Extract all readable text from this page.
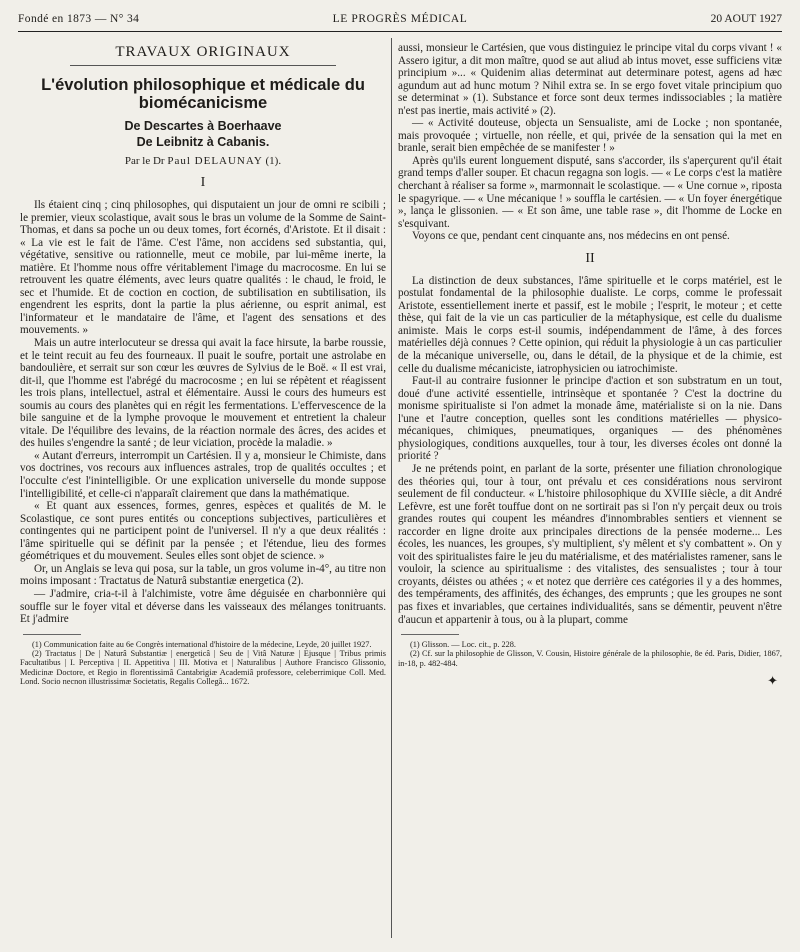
Fondé en 1873 — N° 34	LE PROGRÈS MÉDICAL	20 AOUT 1927
TRAVAUX ORIGINAUX
L'évolution philosophique et médicale du biomécanicisme
De Descartes à Boerhaave
De Leibnitz à Cabanis.
Par le Dr Paul DELAUNAY (1).
I

Ils étaient cinq ; cinq philosophes, qui disputaient un jour de omni re scibili ; le premier, vieux scolastique, avait sous le bras un volume de la Somme de Saint-Thomas, et dans sa poche un ou deux tomes, fort écornés, d'Aristote. Et il disait : « La vie est le fait de l'âme. C'est l'âme, non accidens sed substantia, qui, végétative, sensitive ou rationnelle, meut ce mobile, par lui-même inerte, la matière. Et l'homme nous offre véritablement l'image du macrocosme. En lui se retrouvent les quatre éléments, avec leurs quatre qualités : le chaud, le froid, le sec et l'humide. Et de coction en coction, de subtilisation en subtilisation, ils engendrent les esprits, dont la partie la plus aérienne, ou esprit animal, est l'informateur et le mandataire de l'âme, et l'agent des sensations et des mouvements. »

Mais un autre interlocuteur se dressa qui avait la face hirsute, la barbe roussie, et le teint recuit au feu des fourneaux. Il puait le soufre, portait une astrolabe en bandoulière, et serrait sur son cœur les œuvres de Sylvius de le Boë. « Il est vrai, dit-il, que l'homme est l'abrégé du macrocosme ; en lui se répètent et réagissent les trois plans, intellectuel, astral et élémentaire. Aussi le cours des humeurs est soumis au cours des planètes qui en régit les fermentations. L'effervescence de la bile sanguine et de la lymphe provoque le mouvement et entretient la chaleur vitale. De l'équilibre des levains, de la réaction normale des âcres, des acides et des huiles s'engendre la santé ; de leur viciation, procède la maladie. »

« Autant d'erreurs, interrompit un Cartésien. Il y a, monsieur le Chimiste, dans vos doctrines, vos recours aux influences astrales, trop de qualités occultes ; et l'occulte c'est l'inintelligible. Or une explication universelle du monde suppose l'intelligibilité, et celle-ci n'apparaît clairement que dans la mathématique.

« Et quant aux essences, formes, genres, espèces et qualités de M. le Scolastique, ce sont pures entités ou conceptions subjectives, particulières et contingentes qui ne participent point de l'universel. Il n'y a que deux réalités : l'âme spirituelle qui se définit par la pensée ; et l'étendue, lieu des formes géométriques et du mouvement. Seules elles sont objet de science. »

Or, un Anglais se leva qui posa, sur la table, un gros volume in-4°, au titre non moins imposant : Tractatus de Naturâ substantiæ energetica (2).

— J'admire, cria-t-il à l'alchimiste, votre âme déguisée en charbonnière qui souffle sur le foyer vital et déverse dans les vaisseaux des mélanges tonitruants. Et j'admire

(1) Communication faite au 6e Congrès international d'histoire de la médecine, Leyde, 20 juillet 1927.

(2) Tractatus | De | Naturâ Substantiæ | energeticâ | Seu de | Vitâ Naturæ | Ejusque | Tribus primis Facultatibus | I. Perceptiva | II. Appetitiva | III. Motiva et | Naturalibus | Authore Francisco Glissonio, Medicinæ Doctore, et Regio in florentissimâ Cantabrigiæ Academiâ professore, celeberrimique Coll. Med. Lond. Socio necnon illustrissimæ Societatis, Regalis Collegâ... 1672.

aussi, monsieur le Cartésien, que vous distinguiez le principe vital du corps vivant ! « Assero igitur, a dit mon maître, quod se aut aliud ab intus movet, esse sufficiens vitæ principium »... « Quidenim alias determinat aut determinare potest, agens ad hæc agundum aut ad hunc motum ? Nihil extra se. In se ergo fovet vitale principium quo se determinat » (1). Substance et force sont deux termes indissociables ; la matière n'est pas inertie, mais activité » (2).

— « Activité douteuse, objecta un Sensualiste, ami de Locke ; non spontanée, mais provoquée ; virtuelle, non réelle, et qui, privée de la sensation qui la met en branle, serait bien empêchée de se manifester ! »

Après qu'ils eurent longuement disputé, sans s'accorder, ils s'aperçurent qu'il était grand temps d'aller souper. Et chacun regagna son logis. — « Le corps c'est la matière cherchant à réaliser sa forme », marmonnait le scolastique. — « Une cornue », riposta le spagyrique. — « Une mécanique ! » souffla le cartésien. — « Un foyer énergétique », lança le glissonien. — « Et son âme, une table rase », dit l'homme de Locke en s'esquivant.

Voyons ce que, pendant cent cinquante ans, nos médecins en ont pensé.

II

La distinction de deux substances, l'âme spirituelle et le corps matériel, est le postulat fondamental de la philosophie dualiste. Le corps, comme le professait Aristote, essentiellement inerte et passif, est le mobile ; l'esprit, le moteur ; et cette thèse, qui fait de la vie un cas particulier de la métaphysique, est celle du dualisme animiste. Mais le corps est-il soumis, indépendamment de l'âme, à des forces matérielles déjà connues ? Cette opinion, qui réduit la physiologie à un cas particulier de la mécanique universelle, ou, dans le détail, de la physique et de la chimie, est celle du dualisme mécaniciste, iatrophysicien ou iatrochimiste.

Faut-il au contraire fusionner le principe d'action et son substratum en un tout, doué d'une activité essentielle, intrinsèque et spontanée ? C'est la doctrine du monisme spiritualiste si l'on admet la monade âme, matérialiste si on la nie. Dans l'une et l'autre conception, quelles sont les conditions matérielles — physico-mécaniques, chimiques, pneumatiques, organiques — des phénomènes physiologiques, conditions auxquelles, tour à tour, les diverses écoles ont donné la priorité ?

Je ne prétends point, en parlant de la sorte, présenter une filiation chronologique des théories qui, tour à tour, ont prévalu et ces considérations nous serviront seulement de fil conducteur. « L'histoire philosophique du XVIIIe siècle, a dit André Lefèvre, est une forêt touffue dont on ne sortirait pas si l'on n'y perçait deux ou trois grandes routes qui coupent les méandres d'innombrables sentiers et viennent se raccorder en ligne droite aux principales directions de la pensée moderne... Les écoles, les nuances, les groupes, s'y multiplient, s'y mêlent et s'y combattent ». On y voit des spiritualistes faire le jeu du matérialisme, et des matérialistes ramener, sans le vouloir, la science au spiritualisme : des vitalistes, des sensualistes ; tour à tour croyants, déistes ou athées ; « et notez que derrière ces catégories il y a des hommes, des tempéraments, des affinités, des échanges, des emprunts ; que les groupes ne sont pas fixes et invariables, que certaines individualités, sans se démentir, peuvent n'être d'aucun et appartenir à tous, ou à la plupart, comme

(1) Glisson. — Loc. cit., p. 228.

(2) Cf. sur la philosophie de Glisson, V. Cousin, Histoire générale de la philosophie, 8e éd. Paris, Didier, 1867, in-18, p. 482-484.

✦
